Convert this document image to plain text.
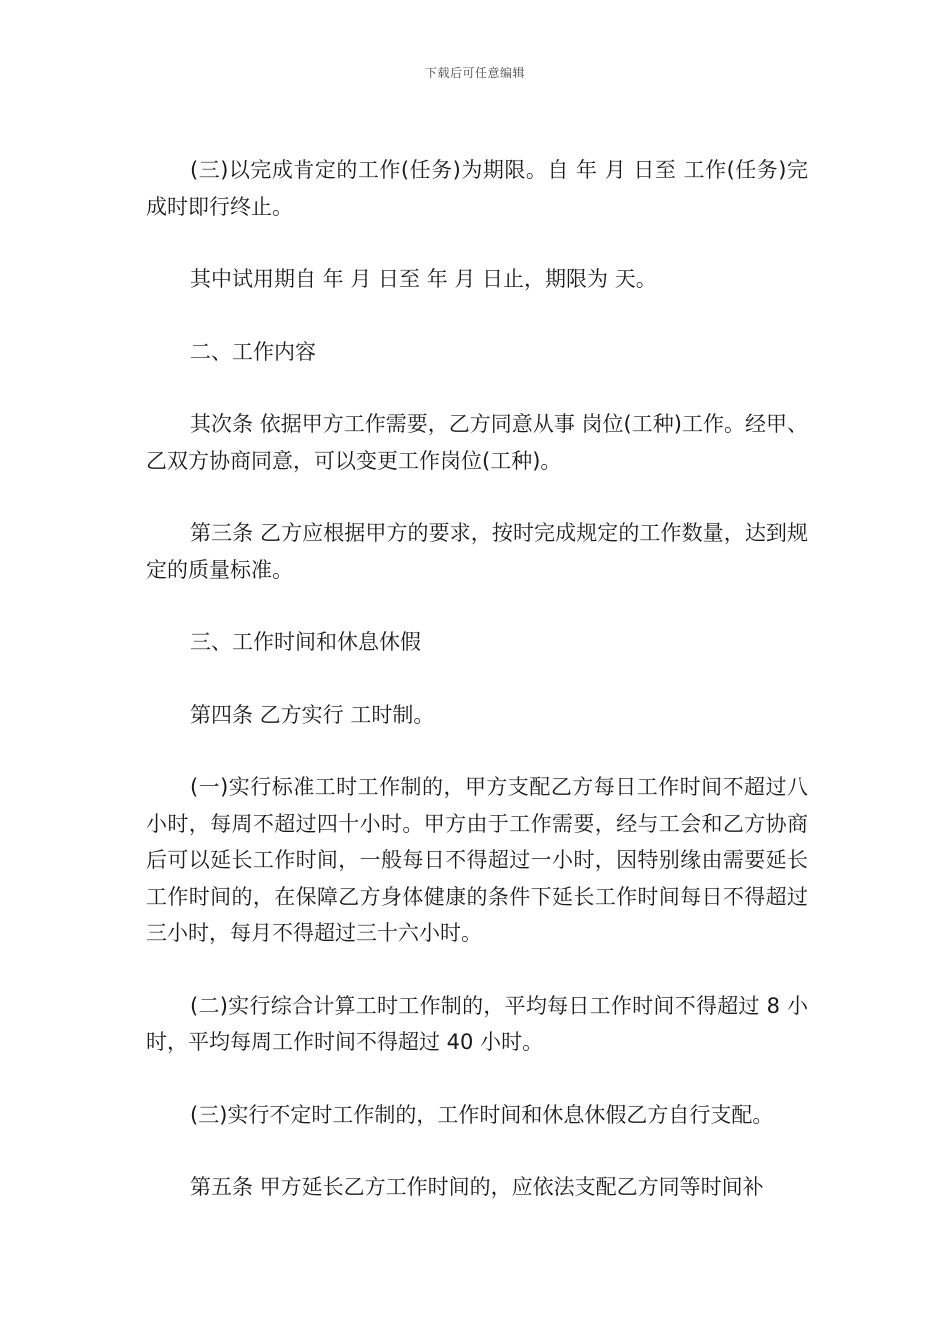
下载后可任意编辑

(三)以完成肯定的工作(任务)为期限。自 年 月 日至 工作(任务)完成时即行终止。

其中试用期自 年 月 日至 年 月 日止，期限为 天。

二、工作内容

其次条 依据甲方工作需要，乙方同意从事 岗位(工种)工作。经甲、乙双方协商同意，可以变更工作岗位(工种)。

第三条 乙方应根据甲方的要求，按时完成规定的工作数量，达到规定的质量标准。

三、工作时间和休息休假

第四条 乙方实行 工时制。

(一)实行标准工时工作制的，甲方支配乙方每日工作时间不超过八小时，每周不超过四十小时。甲方由于工作需要，经与工会和乙方协商后可以延长工作时间，一般每日不得超过一小时，因特别缘由需要延长工作时间的，在保障乙方身体健康的条件下延长工作时间每日不得超过三小时，每月不得超过三十六小时。

(二)实行综合计算工时工作制的，平均每日工作时间不得超过 8 小时，平均每周工作时间不得超过 40 小时。

(三)实行不定时工作制的，工作时间和休息休假乙方自行支配。

第五条 甲方延长乙方工作时间的，应依法支配乙方同等时间补
